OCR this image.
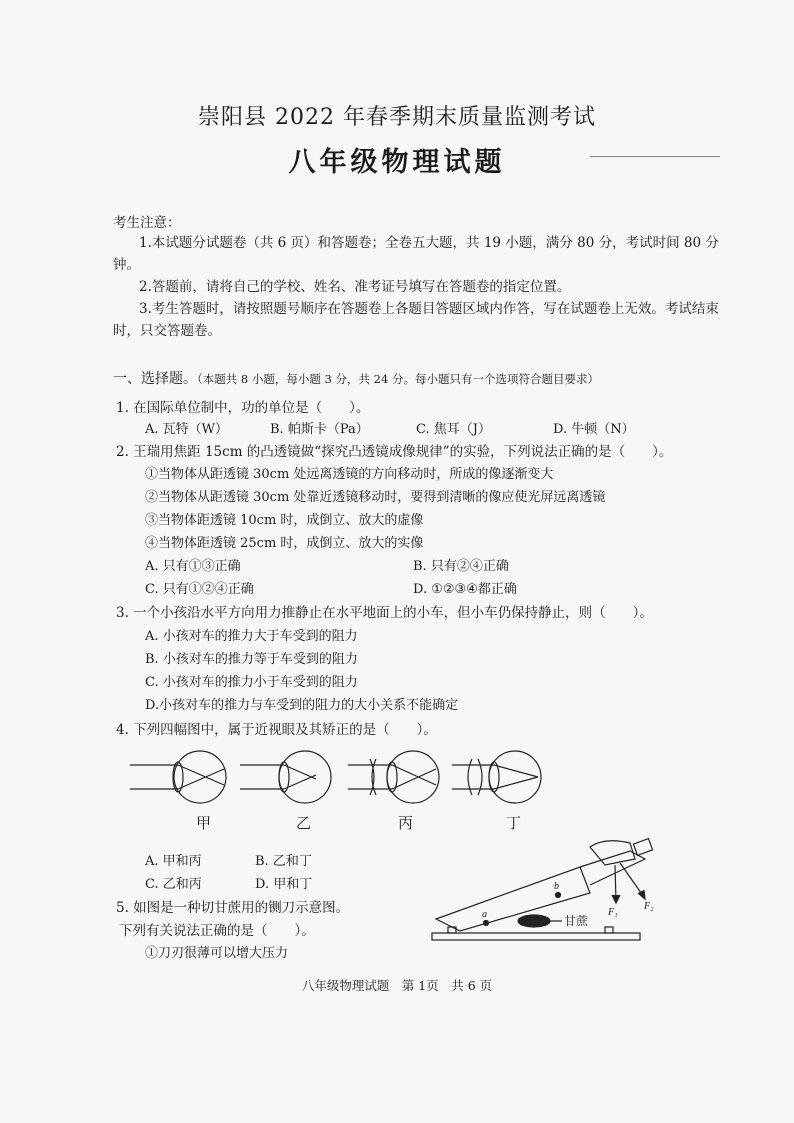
崇阳县 2022 年春季期末质量监测考试
八年级物理试题
考生注意：
1.本试题分试题卷（共 6 页）和答题卷；全卷五大题，共 19 小题，满分 80 分，考试时间 80 分钟。
2.答题前，请将自己的学校、姓名、准考证号填写在答题卷的指定位置。
3.考生答题时，请按照题号顺序在答题卷上各题目答题区域内作答，写在试题卷上无效。考试结束时，只交答题卷。
一、选择题。（本题共 8 小题，每小题 3 分，共 24 分。每小题只有一个选项符合题目要求）
1. 在国际单位制中，功的单位是（　　）。
A. 瓦特（W）	B. 帕斯卡（Pa）	C. 焦耳（J）	D. 牛顿（N）
2. 王瑞用焦距 15cm 的凸透镜做“探究凸透镜成像规律”的实验，下列说法正确的是（　　）。
①当物体从距透镜 30cm 处远离透镜的方向移动时，所成的像逐渐变大
②当物体从距透镜 30cm 处靠近透镜移动时，要得到清晰的像应使光屏远离透镜
③当物体距透镜 10cm 时，成倒立、放大的虚像
④当物体距透镜 25cm 时，成倒立、放大的实像
A. 只有①③正确	B. 只有②④正确
C. 只有①②④正确	D. ①②③④都正确
3. 一个小孩沿水平方向用力推静止在水平地面上的小车，但小车仍保持静止，则（　　）。
A. 小孩对车的推力大于车受到的阻力
B. 小孩对车的推力等于车受到的阻力
C. 小孩对车的推力小于车受到的阻力
D.小孩对车的推力与车受到的阻力的大小关系不能确定
4. 下列四幅图中，属于近视眼及其矫正的是（　　）。
甲	乙	丙	丁
A. 甲和丙	B. 乙和丁
C. 乙和丙	D. 甲和丁
5. 如图是一种切甘蔗用的铡刀示意图。
下列有关说法正确的是（　　）。
①刀刃很薄可以增大压力
a
b
甘蔗
F₁
F₂
八年级物理试题　第 1页　共 6 页
